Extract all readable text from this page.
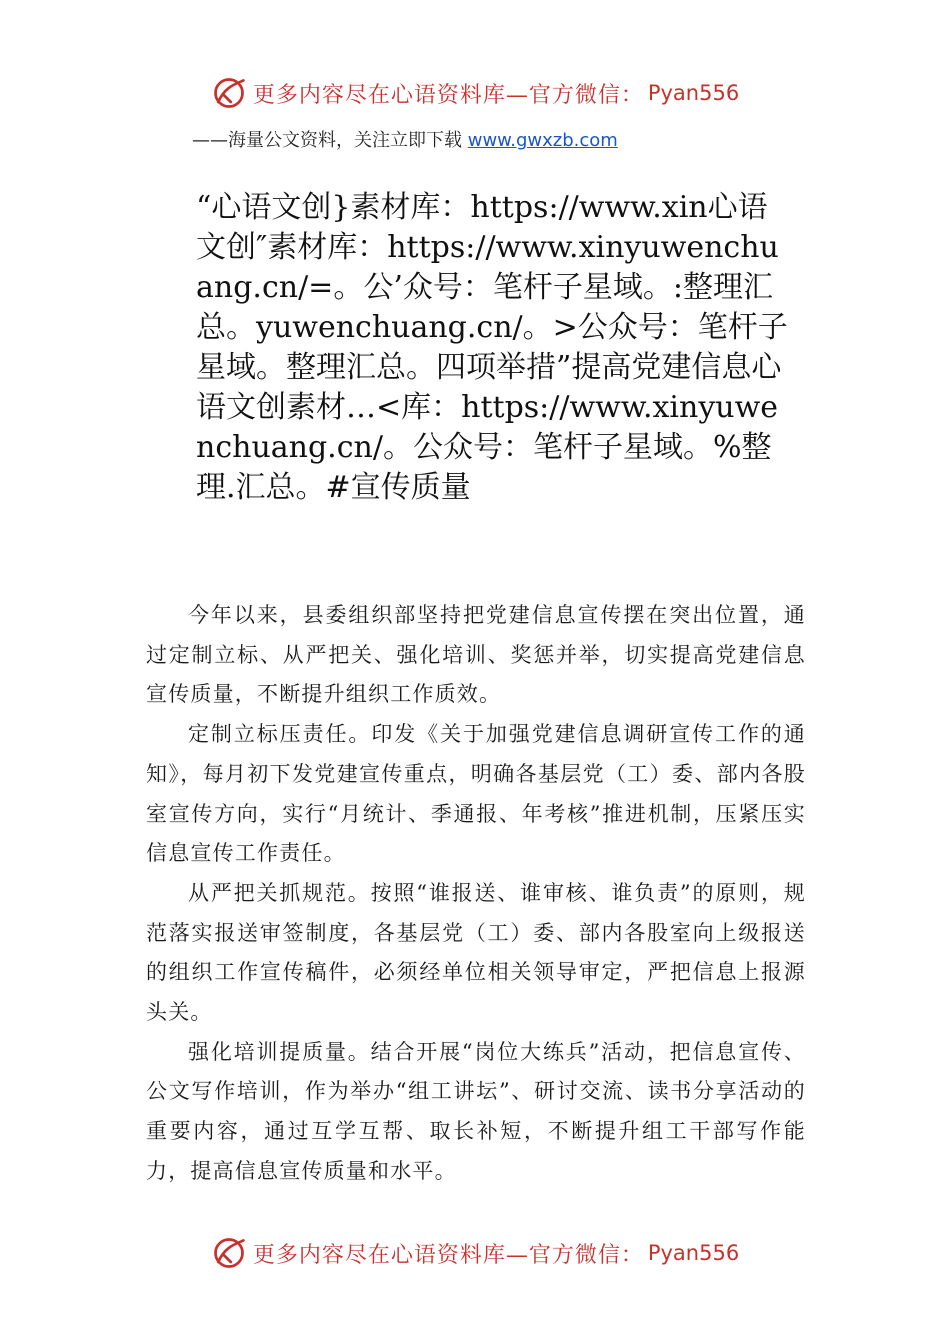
更多内容尽在心语资料库—官方微信： Pyan556
——海量公文资料，关注立即下载 www.gwxzb.com
“心语文创}素材库：https://www.xin心语文创″素材库：https://www.xinyuwenchuang.cn/=。公’众号：笔杆子星域。:整理汇总。yuwenchuang.cn/。>公众号：笔杆子星域。整理汇总。四项举措”提高党建信息心语文创素材…<库：https://www.xinyuwenchuang.cn/。公众号：笔杆子星域。%整理.汇总。#宣传质量

今年以来，县委组织部坚持把党建信息宣传摆在突出位置，通过定制立标、从严把关、强化培训、奖惩并举，切实提高党建信息宣传质量，不断提升组织工作质效。

定制立标压责任。印发《关于加强党建信息调研宣传工作的通知》，每月初下发党建宣传重点，明确各基层党（工）委、部内各股室宣传方向，实行“月统计、季通报、年考核”推进机制，压紧压实信息宣传工作责任。

从严把关抓规范。按照“谁报送、谁审核、谁负责”的原则，规范落实报送审签制度，各基层党（工）委、部内各股室向上级报送的组织工作宣传稿件，必须经单位相关领导审定，严把信息上报源头关。

强化培训提质量。结合开展“岗位大练兵”活动，把信息宣传、公文写作培训，作为举办“组工讲坛”、研讨交流、读书分享活动的重要内容，通过互学互帮、取长补短，不断提升组工干部写作能力，提高信息宣传质量和水平。

更多内容尽在心语资料库—官方微信： Pyan556
